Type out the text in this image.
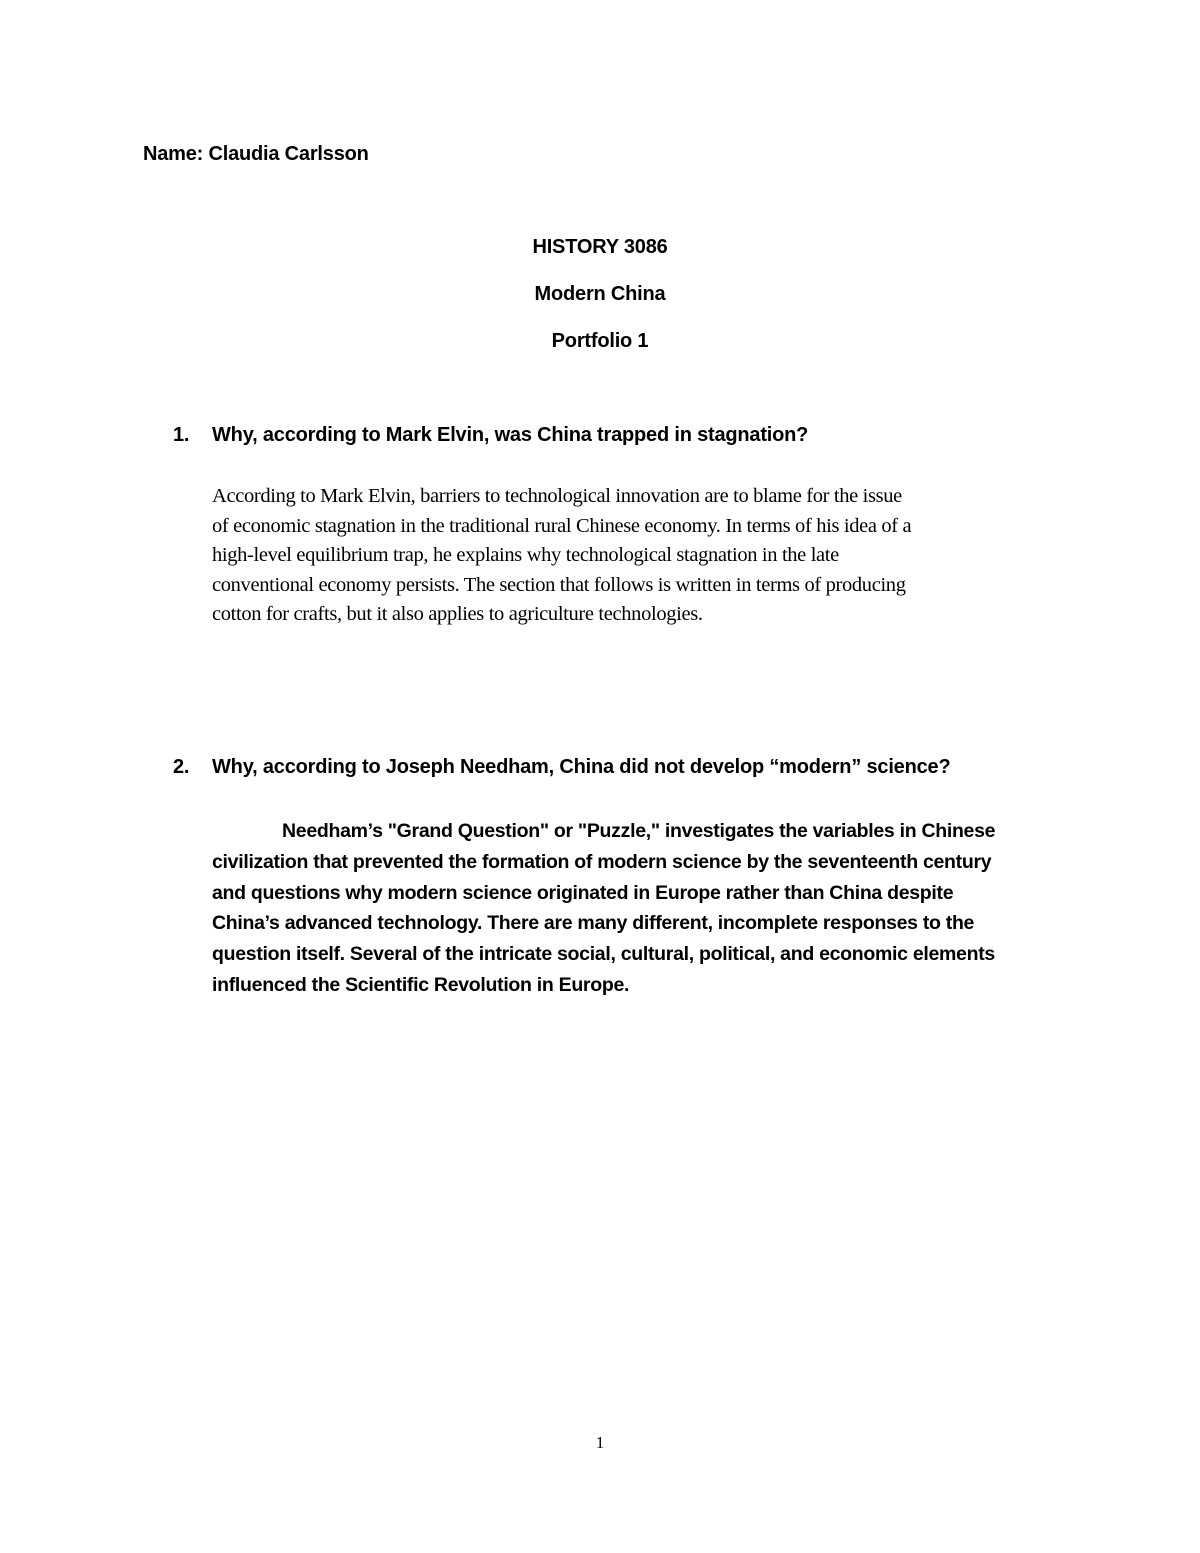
Name: Claudia Carlsson
HISTORY 3086
Modern China
Portfolio 1
1. Why, according to Mark Elvin, was China trapped in stagnation?
According to Mark Elvin, barriers to technological innovation are to blame for the issue
of economic stagnation in the traditional rural Chinese economy. In terms of his idea of a
high-level equilibrium trap, he explains why technological stagnation in the late
conventional economy persists. The section that follows is written in terms of producing
cotton for crafts, but it also applies to agriculture technologies.
2. Why, according to Joseph Needham, China did not develop “modern” science?
Needham’s "Grand Question" or "Puzzle," investigates the variables in Chinese
civilization that prevented the formation of modern science by the seventeenth century
and questions why modern science originated in Europe rather than China despite
China’s advanced technology. There are many different, incomplete responses to the
question itself. Several of the intricate social, cultural, political, and economic elements
influenced the Scientific Revolution in Europe.
1
